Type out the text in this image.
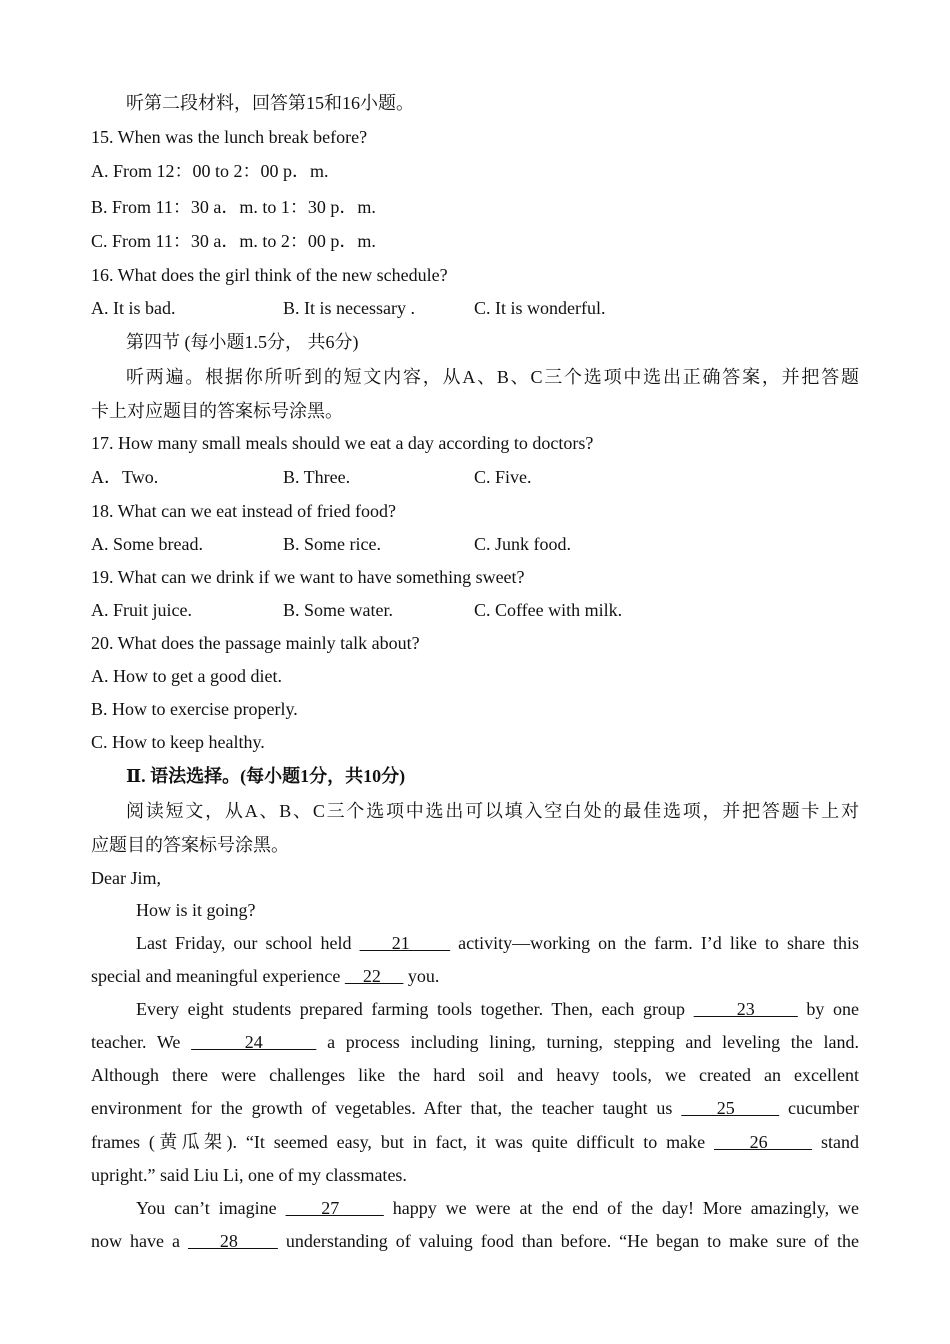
听第二段材料，回答第15和16小题。
15. When was the lunch break before?
A. From 12：00 to 2：00 p．m.
B. From 11：30 a．m. to 1：30 p．m.
C. From 11：30 a．m. to 2：00 p．m.
16. What does the girl think of the new schedule?
A. It is bad.	B. It is necessary .	C. It is wonderful.
第四节 (每小题1.5分， 共6分)
听两遍。根据你所听到的短文内容，从A、B、C三个选项中选出正确答案，并把答题
卡上对应题目的答案标号涂黑。
17. How many small meals should we eat a day according to doctors?
A．Two.	B. Three.	C. Five.
18. What can we eat instead of fried food?
A. Some bread.	B. Some rice.	C. Junk food.
19. What can we drink if we want to have something sweet?
A. Fruit juice.	B. Some water.	C. Coffee with milk.
20. What does the passage mainly talk about?
A. How to get a good diet.
B. How to exercise properly.
C. How to keep healthy.
Ⅱ. 语法选择。(每小题1分，共10分)
阅读短文，从A、B、C三个选项中选出可以填入空白处的最佳选项，并把答题卡上对
应题目的答案标号涂黑。
Dear Jim,
How is it going?
Last Friday, our school held     21      activity—working on the farm. I’d like to share this
special and meaningful experience     22      you.
Every eight students prepared farming tools together. Then, each group      23      by one
teacher. We      24      a process including lining, turning, stepping and leveling the land.
Although there were challenges like the hard soil and heavy tools, we created an excellent
environment for the growth of vegetables. After that, the teacher taught us     25      cucumber
frames (黄瓜架). “It seemed easy, but in fact, it was quite difficult to make     26      stand
upright.” said Liu Li, one of my classmates.
You can’t imagine     27      happy we were at the end of the day! More amazingly, we
now have a     28      understanding of valuing food than before. “He began to make sure of the
